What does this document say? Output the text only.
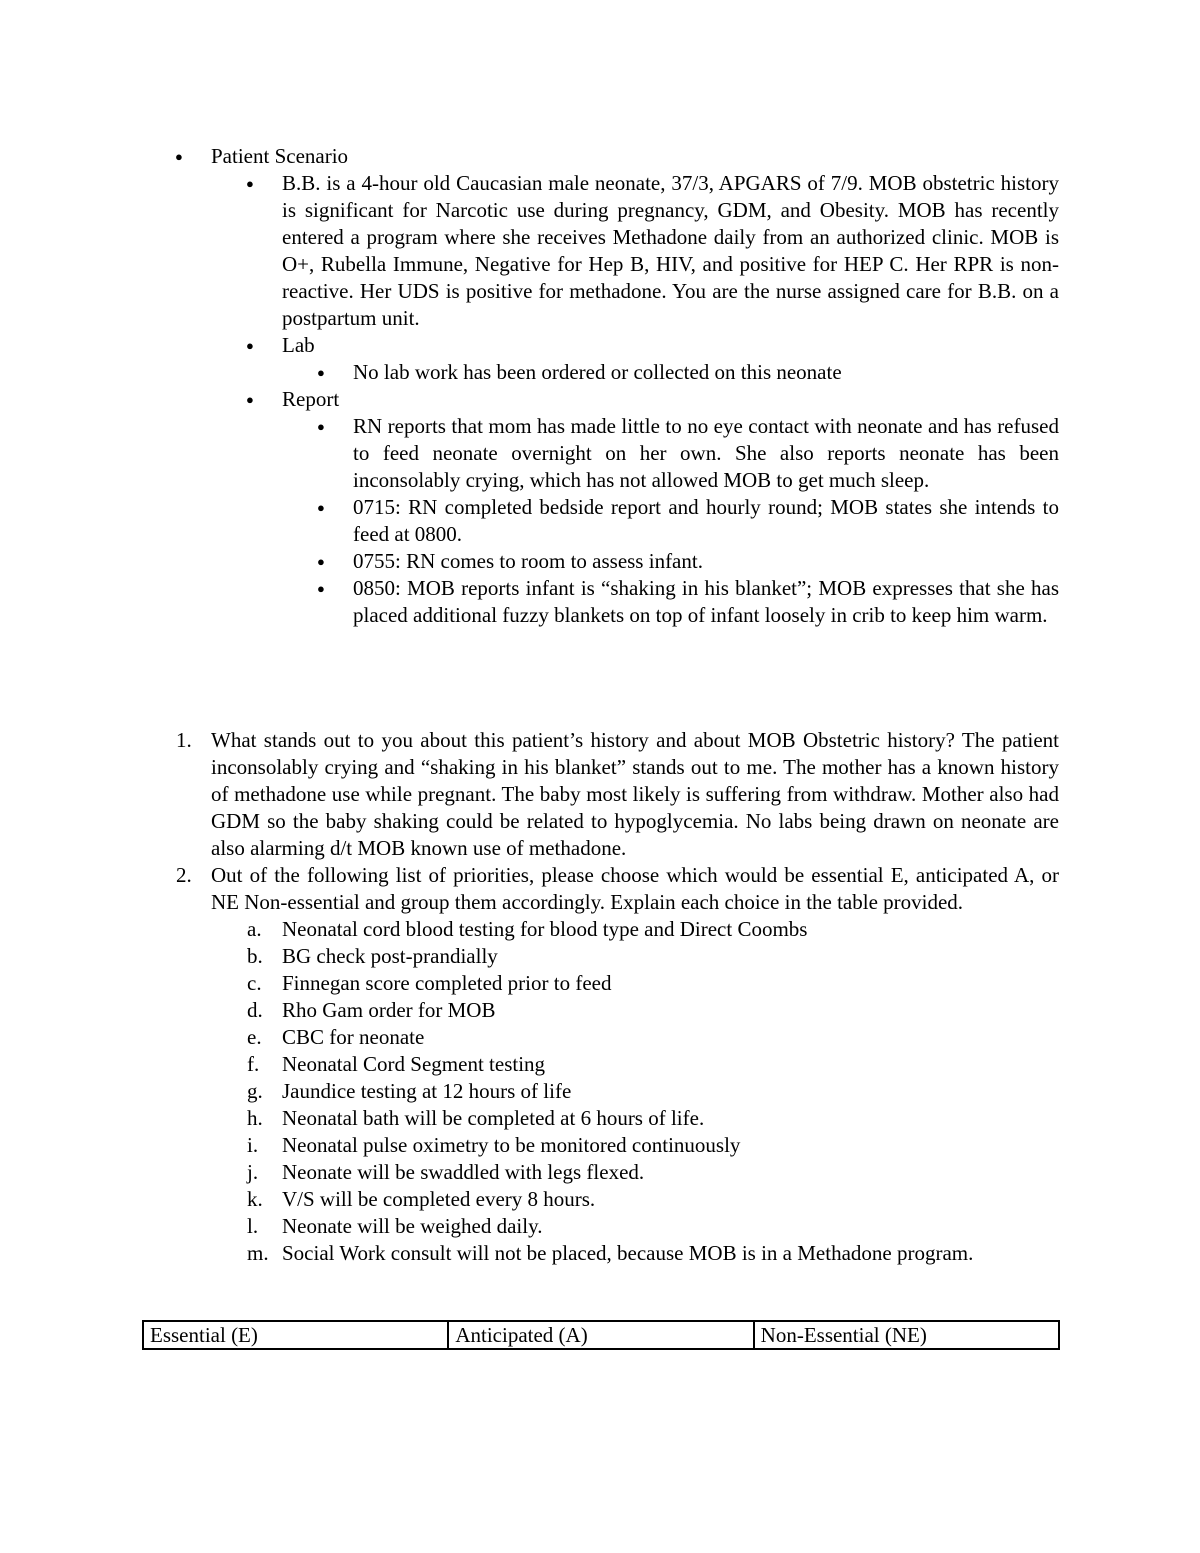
● Patient Scenario
● B.B. is a 4-hour old Caucasian male neonate, 37/3, APGARS of 7/9. MOB obstetric history is significant for Narcotic use during pregnancy, GDM, and Obesity. MOB has recently entered a program where she receives Methadone daily from an authorized clinic. MOB is O+, Rubella Immune, Negative for Hep B, HIV, and positive for HEP C. Her RPR is non-reactive. Her UDS is positive for methadone. You are the nurse assigned care for B.B. on a postpartum unit.
● Lab
● No lab work has been ordered or collected on this neonate
● Report
● RN reports that mom has made little to no eye contact with neonate and has refused to feed neonate overnight on her own. She also reports neonate has been inconsolably crying, which has not allowed MOB to get much sleep.
● 0715: RN completed bedside report and hourly round; MOB states she intends to feed at 0800.
● 0755: RN comes to room to assess infant.
● 0850: MOB reports infant is “shaking in his blanket”; MOB expresses that she has placed additional fuzzy blankets on top of infant loosely in crib to keep him warm.
1. What stands out to you about this patient’s history and about MOB Obstetric history? The patient inconsolably crying and “shaking in his blanket” stands out to me. The mother has a known history of methadone use while pregnant. The baby most likely is suffering from withdraw. Mother also had GDM so the baby shaking could be related to hypoglycemia. No labs being drawn on neonate are also alarming d/t MOB known use of methadone.
2. Out of the following list of priorities, please choose which would be essential E, anticipated A, or NE Non-essential and group them accordingly. Explain each choice in the table provided.
a. Neonatal cord blood testing for blood type and Direct Coombs
b. BG check post-prandially
c. Finnegan score completed prior to feed
d. Rho Gam order for MOB
e. CBC for neonate
f. Neonatal Cord Segment testing
g. Jaundice testing at 12 hours of life
h. Neonatal bath will be completed at 6 hours of life.
i. Neonatal pulse oximetry to be monitored continuously
j. Neonate will be swaddled with legs flexed.
k. V/S will be completed every 8 hours.
l. Neonate will be weighed daily.
m. Social Work consult will not be placed, because MOB is in a Methadone program.
Essential (E)	Anticipated (A)	Non-Essential (NE)
